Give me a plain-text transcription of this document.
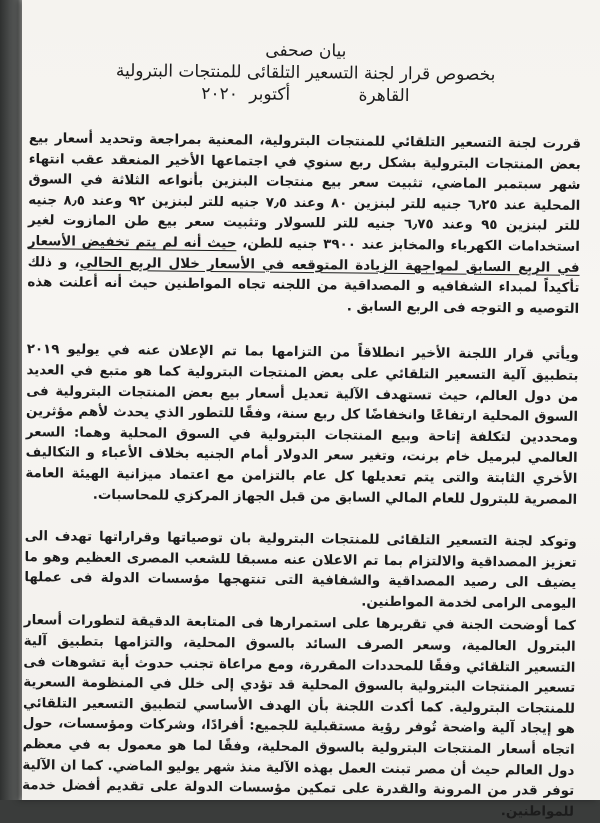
بيان صحفى
بخصوص قرار لجنة التسعير التلقائى للمنتجات البترولية
القاهرة      أكتوبر ٢٠٢٠

قررت لجنة التسعير التلقائي للمنتجات البترولية، المعنية بمراجعة وتحديد أسعار بيع بعض المنتجات البترولية بشكل ربع سنوي في اجتماعها الأخير المنعقد عقب انتهاء شهر سبتمبر الماضي، تثبيت سعر بيع منتجات البنزين بأنواعه الثلاثة في السوق المحلية عند ٦٫٢٥ جنيه للتر لبنزين ٨٠ وعند ٧٫٥ جنيه للتر لبنزين ٩٢ وعند ٨٫٥ جنيه للتر لبنزين ٩٥ وعند ٦٫٧٥ جنيه للتر للسولار وتثبيت سعر بيع طن المازوت لغير استخدامات الكهرباء والمخابز عند ٣٩٠٠ جنيه للطن، حيث أنه لم يتم تخفيض الأسعار في الربع السابق لمواجهة الزيادة المتوقعه في الأسعار خلال الربع الحالي، و ذلك تأكيداً لمبداء الشفافيه و المصداقية من اللجنه تجاه المواطنين حيث أنه أعلنت هذه التوصيه و التوجه فى الربع السابق .

ويأتي قرار اللجنة الأخير انطلاقاً من التزامها بما تم الإعلان عنه في يوليو ٢٠١٩ بتطبيق آلية التسعير التلقائي على بعض المنتجات البترولية كما هو متبع في العديد من دول العالم، حيث تستهدف الآلية تعديل أسعار بيع بعض المنتجات البترولية فى السوق المحلية ارتفاعًا وانخفاضًا كل ربع سنة، وفقًا للتطور الذي يحدث لأهم مؤثرين ومحددين لتكلفة إتاحة وبيع المنتجات البترولية في السوق المحلية وهما: السعر العالمي لبرميل خام برنت، وتغير سعر الدولار أمام الجنيه بخلاف الأعباء و التكاليف الأخري الثابتة والتى يتم تعديلها كل عام بالتزامن مع اعتماد ميزانية الهيئة العامة المصرية للبترول للعام المالي السابق من قبل الجهاز المركزي للمحاسبات.

وتوكد لجنة التسعير التلقائى للمنتجات البترولية بان توصياتها وقراراتها تهدف الى تعزيز المصداقية والالتزام بما تم الاعلان عنه مسبقا للشعب المصرى العظيم وهو ما يضيف الى رصيد المصداقية والشفافية التى تنتهجها مؤسسات الدولة فى عملها اليومى الرامى لخدمة المواطنين.

كما أوضحت الجنة في تقريرها على استمرارها فى المتابعة الدقيقة لتطورات أسعار البترول العالمية، وسعر الصرف السائد بالسوق المحلية، والتزامها بتطبيق آلية التسعير التلقائي وفقًا للمحددات المقررة، ومع مراعاة تجنب حدوث أية تشوهات فى تسعير المنتجات البترولية بالسوق المحلية قد تؤدي إلى خلل في المنظومة السعرية للمنتجات البترولية. كما أكدت اللجنة بأن الهدف الأساسي لتطبيق التسعير التلقائي هو إيجاد آلية واضحة تُوفر رؤية مستقبلية للجميع: أفرادًا، وشركات ومؤسسات، حول اتجاه أسعار المنتجات البترولية بالسوق المحلية، وفقًا لما هو معمول به في معظم دول العالم حيث أن مصر تبنت العمل بهذه الآلية منذ شهر يوليو الماضي. كما ان الآلية توفر قدر من المرونة والقدرة على تمكين مؤسسات الدولة على تقديم أفضل خدمة للمواطنين.
